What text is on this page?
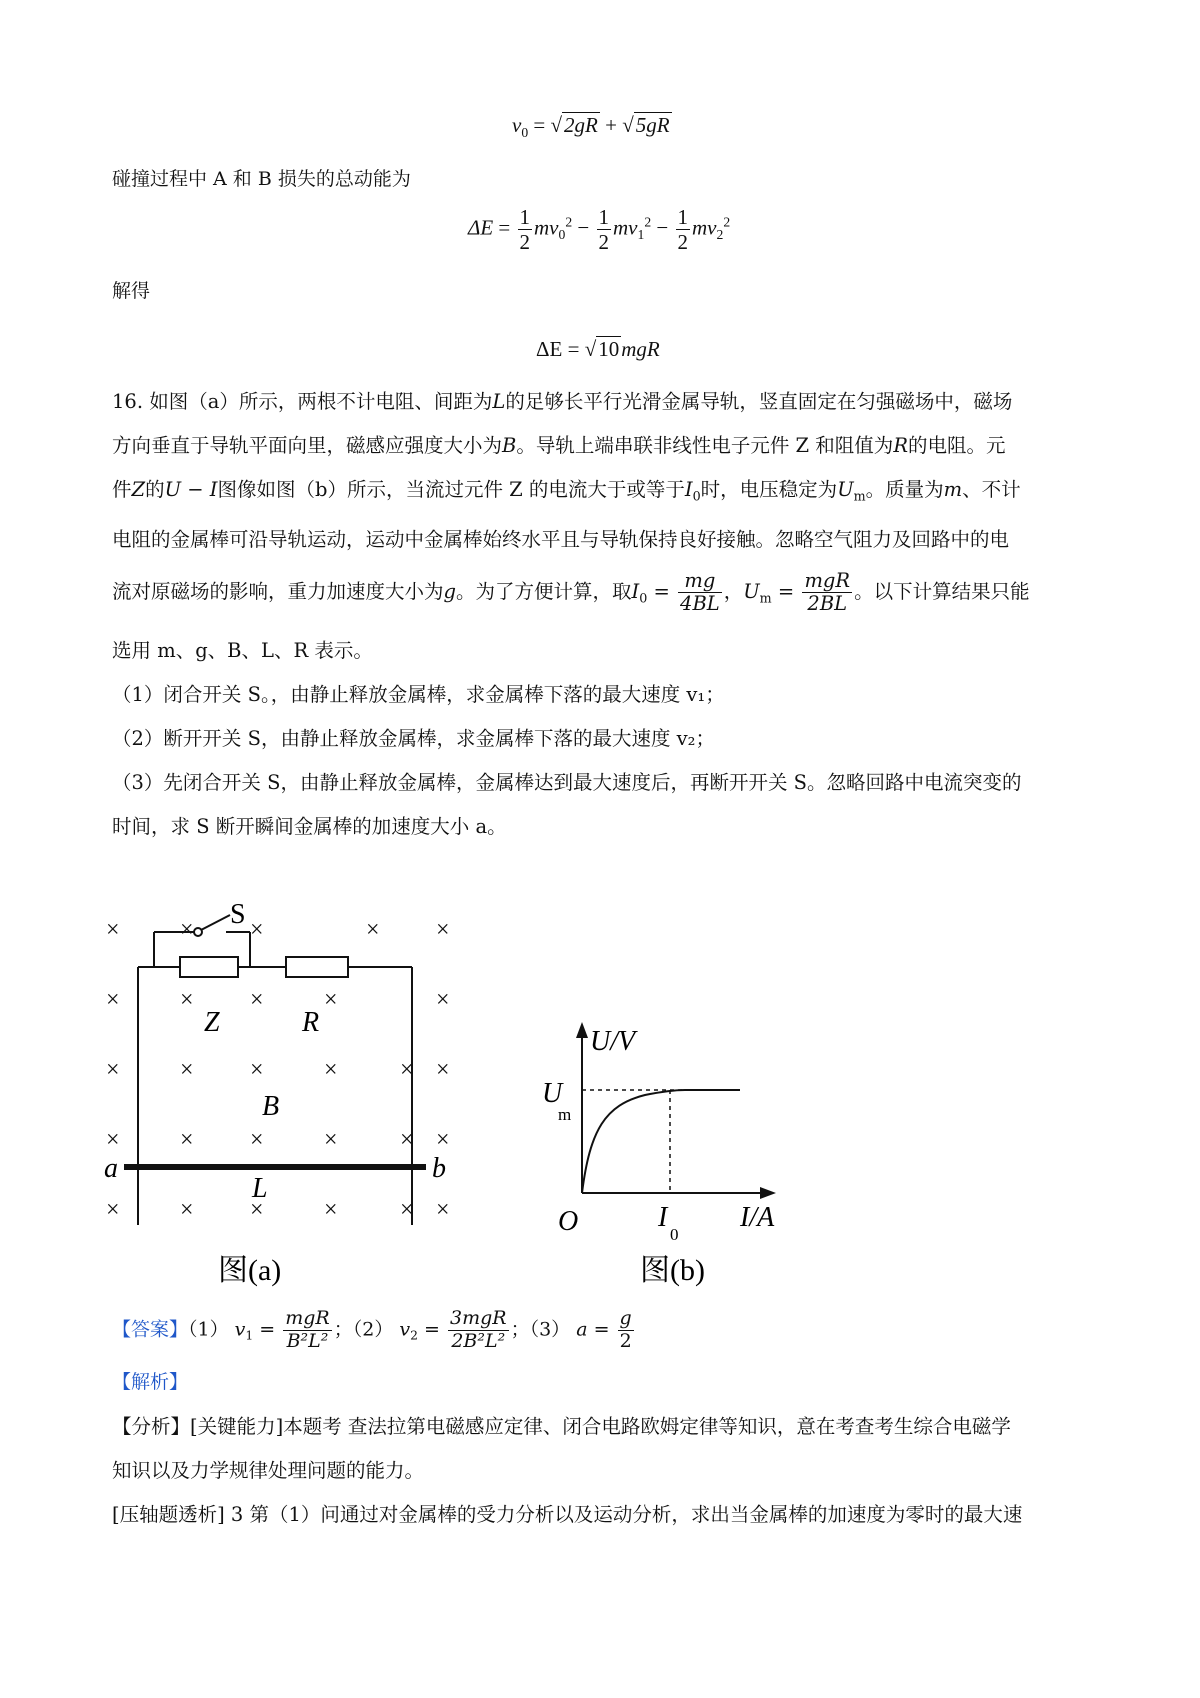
$v_0 = √2gR + √5gR$
碰撞过程中 A 和 B 损失的总动能为
$\Delta E = \frac{1}{2} mv_0^2 - \frac{1}{2} mv_1^2 - \frac{1}{2} mv_2^2$
解得
ΔE = √10mgR
16. 如图（a）所示，两根不计电阻、间距为L的足够长平行光滑金属导轨，竖直固定在匀强磁场中，磁场
方向垂直于导轨平面向里，磁感应强度大小为B。导轨上端串联非线性电子元件 Z 和阻值为R的电阻。元
件Z的U − I图像如图（b）所示，当流过元件 Z 的电流大于或等于$I_0$时，电压稳定为$U_m$。质量为m、不计
电阻的金属棒可沿导轨运动，运动中金属棒始终水平且与导轨保持良好接触。忽略空气阻力及回路中的电
流对原磁场的影响，重力加速度大小为g。为了方便计算，取$I_0 = \frac{mg}{4BL}$ ，$U_m = \frac{\text{mgR}}{2BL}$ 。以下计算结果只能
选用 m、g、B、L、R 表示。
（1）闭合开关 S。，由静止释放金属棒，求金属棒下落的最大速度 v₁；
（2）断开开关 S，由静止释放金属棒，求金属棒下落的最大速度 v₂；
（3）先闭合开关 S，由静止释放金属棒，金属棒达到最大速度后，再断开开关 S。忽略回路中电流突变的
时间，求 S 断开瞬间金属棒的加速度大小 a。
×	× ×
×	× ×	×	×
×	× ×	×	× ×
×	× ×	×	× ×
×	× ×	×	× ×
× ×
S
Z	R
B
a	b
L
图(a)
U/V
U
m
O	I
0
I/A
图(b)
【答案】（1） $v_1 = \frac{\text{mgR}}{\text{B²L²}}$ ；（2） $v_2 = \frac{\text{3mgR}}{\text{2B²L²}}$ ；（3） $a = \frac{g}{2}$
【解析】
【分析】[关键能力]本题考 查法拉第电磁感应定律、闭合电路欧姆定律等知识，意在考查考生综合电磁学
知识以及力学规律处理问题的能力。
[压轴题透析] 3 第（1）问通过对金属棒的受力分析以及运动分析，求出当金属棒的加速度为零时的最大速
